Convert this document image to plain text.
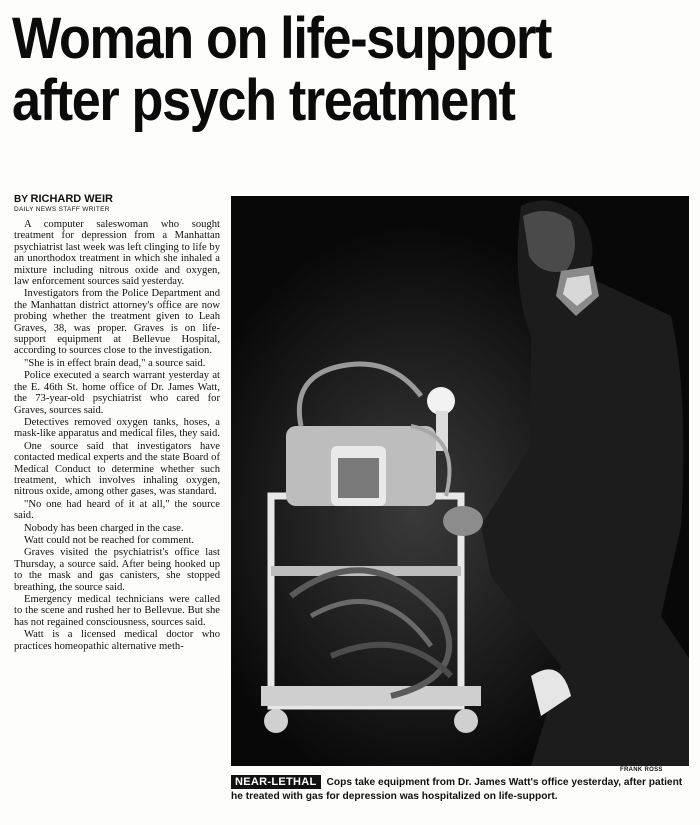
Woman on life-support
after psych treatment
BY RICHARD WEIR
DAILY NEWS STAFF WRITER

A computer saleswoman who sought treatment for depression from a Manhattan psychiatrist last week was left clinging to life by an unorthodox treatment in which she inhaled a mixture including nitrous oxide and oxygen, law enforcement sources said yesterday.

Investigators from the Police Department and the Manhattan district attorney's office are now probing whether the treatment given to Leah Graves, 38, was proper. Graves is on life-support equipment at Bellevue Hospital, according to sources close to the investigation.

"She is in effect brain dead," a source said.

Police executed a search warrant yesterday at the E. 46th St. home office of Dr. James Watt, the 73-year-old psychiatrist who cared for Graves, sources said.

Detectives removed oxygen tanks, hoses, a mask-like apparatus and medical files, they said.

One source said that investigators have contacted medical experts and the state Board of Medical Conduct to determine whether such treatment, which involves inhaling oxygen, nitrous oxide, among other gases, was standard.

"No one had heard of it at all," the source said.

Nobody has been charged in the case.

Watt could not be reached for comment.

Graves visited the psychiatrist's office last Thursday, a source said. After being hooked up to the mask and gas canisters, she stopped breathing, the source said.

Emergency medical technicians were called to the scene and rushed her to Bellevue. But she has not regained consciousness, sources said.

Watt is a licensed medical doctor who practices homeopathic alternative meth-

FRANK ROSS
NEAR-LETHAL Cops take equipment from Dr. James Watt's office yesterday, after patient he treated with gas for depression was hospitalized on life-support.
